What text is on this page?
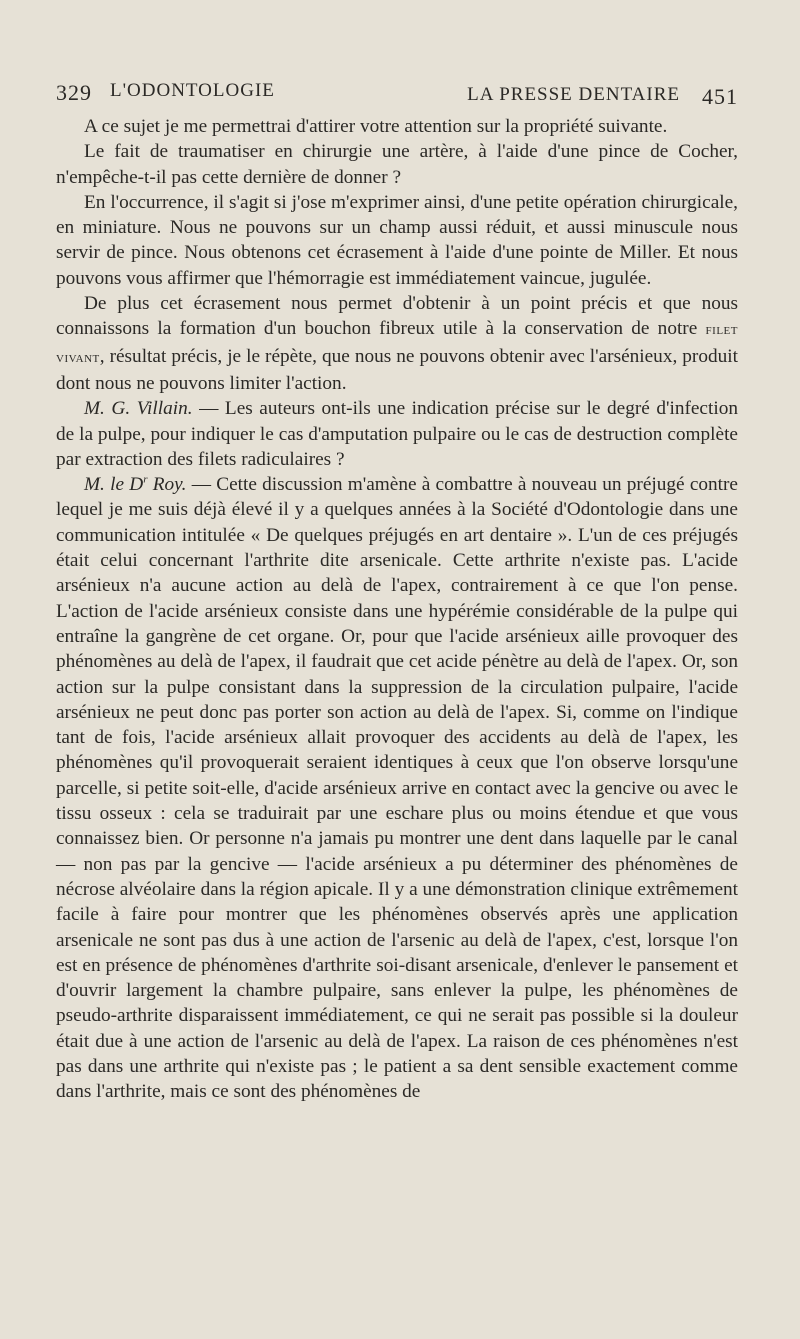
329 L'ODONTOLOGIE	LA PRESSE DENTAIRE 451

A ce sujet je me permettrai d'attirer votre attention sur la propriété suivante.

Le fait de traumatiser en chirurgie une artère, à l'aide d'une pince de Cocher, n'empêche-t-il pas cette dernière de donner ?

En l'occurrence, il s'agit si j'ose m'exprimer ainsi, d'une petite opération chirurgicale, en miniature. Nous ne pouvons sur un champ aussi réduit, et aussi minuscule nous servir de pince. Nous obtenons cet écrasement à l'aide d'une pointe de Miller. Et nous pouvons vous affirmer que l'hémorragie est immédiatement vaincue, jugulée.

De plus cet écrasement nous permet d'obtenir à un point précis et que nous connaissons la formation d'un bouchon fibreux utile à la conservation de notre filet vivant, résultat précis, je le répète, que nous ne pouvons obtenir avec l'arsénieux, produit dont nous ne pouvons limiter l'action.

M. G. Villain. — Les auteurs ont-ils une indication précise sur le degré d'infection de la pulpe, pour indiquer le cas d'amputation pulpaire ou le cas de destruction complète par extraction des filets radiculaires ?

M. le $D^r$ Roy. — Cette discussion m'amène à combattre à nouveau un préjugé contre lequel je me suis déjà élevé il y a quelques années à la Société d'Odontologie dans une communication intitulée « De quelques préjugés en art dentaire ». L'un de ces préjugés était celui concernant l'arthrite dite arsenicale. Cette arthrite n'existe pas. L'acide arsénieux n'a aucune action au delà de l'apex, contrairement à ce que l'on pense. L'action de l'acide arsénieux consiste dans une hypérémie considérable de la pulpe qui entraîne la gangrène de cet organe. Or, pour que l'acide arsénieux aille provoquer des phénomènes au delà de l'apex, il faudrait que cet acide pénètre au delà de l'apex. Or, son action sur la pulpe consistant dans la suppression de la circulation pulpaire, l'acide arsénieux ne peut donc pas porter son action au delà de l'apex. Si, comme on l'indique tant de fois, l'acide arsénieux allait provoquer des accidents au delà de l'apex, les phénomènes qu'il provoquerait seraient identiques à ceux que l'on observe lorsqu'une parcelle, si petite soit-elle, d'acide arsénieux arrive en contact avec la gencive ou avec le tissu osseux : cela se traduirait par une eschare plus ou moins étendue et que vous connaissez bien. Or personne n'a jamais pu montrer une dent dans laquelle par le canal — non pas par la gencive — l'acide arsénieux a pu déterminer des phénomènes de nécrose alvéolaire dans la région apicale. Il y a une démonstration clinique extrêmement facile à faire pour montrer que les phénomènes observés après une application arsenicale ne sont pas dus à une action de l'arsenic au delà de l'apex, c'est, lorsque l'on est en présence de phénomènes d'arthrite soi-disant arsenicale, d'enlever le pansement et d'ouvrir largement la chambre pulpaire, sans enlever la pulpe, les phénomènes de pseudo-arthrite disparaissent immédiatement, ce qui ne serait pas possible si la douleur était due à une action de l'arsenic au delà de l'apex. La raison de ces phénomènes n'est pas dans une arthrite qui n'existe pas ; le patient a sa dent sensible exactement comme dans l'arthrite, mais ce sont des phénomènes de
